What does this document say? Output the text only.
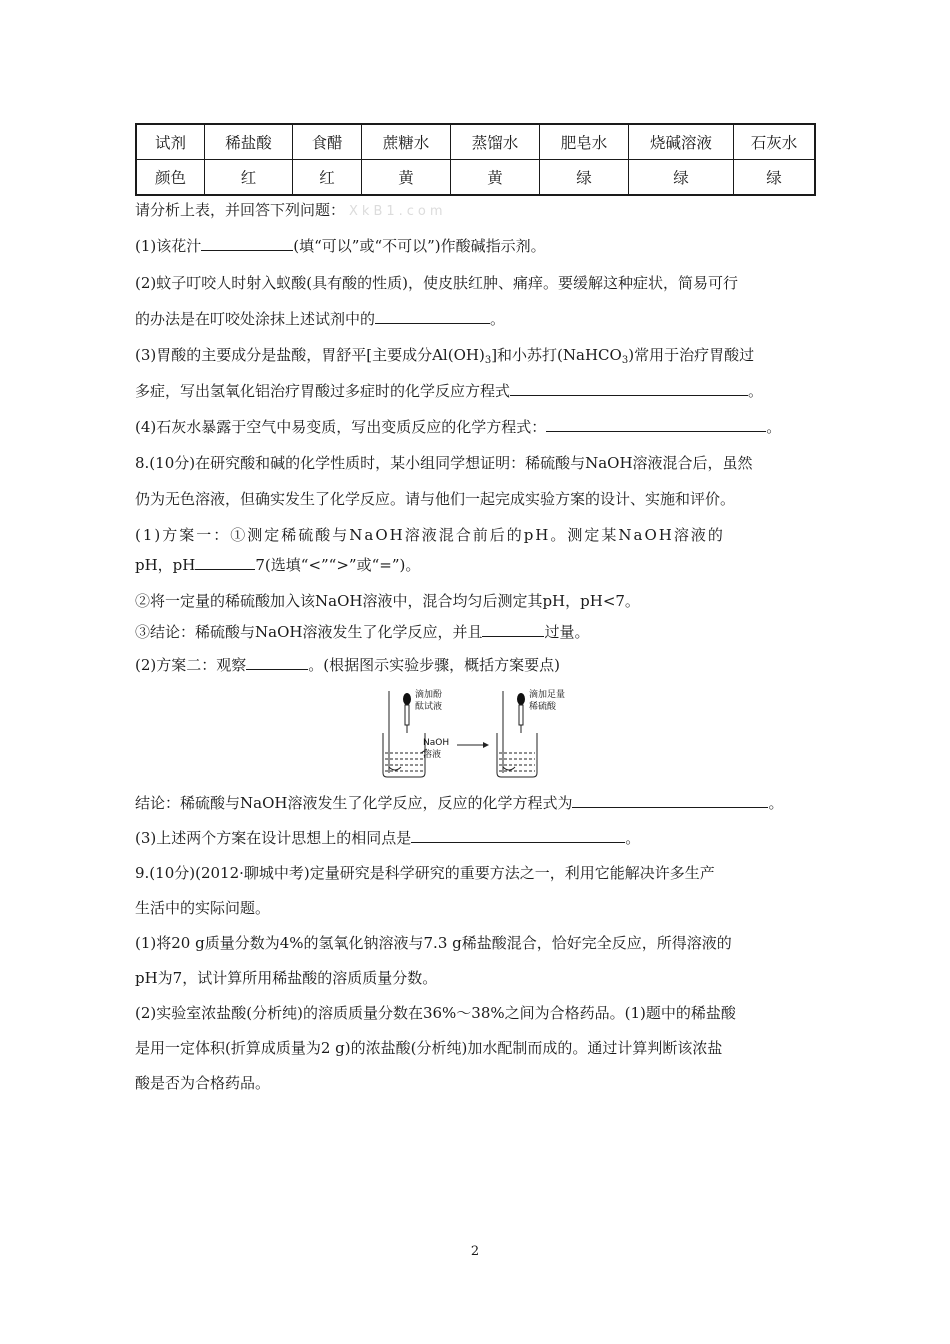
试剂	稀盐酸	食醋	蔗糖水	蒸馏水	肥皂水	烧碱溶液	石灰水
颜色	红	红	黄	黄	绿	绿	绿
请分析上表，并回答下列问题： XkB1.com
(1)该花汁	(填“可以”或“不可以”)作酸碱指示剂。
(2)蚊子叮咬人时射入蚁酸(具有酸的性质)，使皮肤红肿、痛痒。要缓解这种症状，简易可行
的办法是在叮咬处涂抹上述试剂中的	。
(3)胃酸的主要成分是盐酸，胃舒平[主要成分$Al(OH)_3$]和小苏打(NaHCO$_3$)常用于治疗胃酸过
多症，写出氢氧化铝治疗胃酸过多症时的化学反应方程式	。
(4)石灰水暴露于空气中易变质，写出变质反应的化学方程式：	。
8.(10分)在研究酸和碱的化学性质时，某小组同学想证明：稀硫酸与NaOH溶液混合后，虽然
仍为无色溶液，但确实发生了化学反应。请与他们一起完成实验方案的设计、实施和评价。
(1)方案一：①测定稀硫酸与NaOH溶液混合前后的pH。测定某NaOH溶液的
pH，pH	7(选填“<”“>”或“=”)。
②将一定量的稀硫酸加入该NaOH溶液中，混合均匀后测定其pH，pH<7。
③结论：稀硫酸与NaOH溶液发生了化学反应，并且	过量。
(2)方案二：观察	。(根据图示实验步骤，概括方案要点)
滴加酚
酞试液
NaOH
溶液
滴加足量
稀硫酸
结论：稀硫酸与NaOH溶液发生了化学反应，反应的化学方程式为	。
(3)上述两个方案在设计思想上的相同点是	。
9.(10分)(2012·聊城中考)定量研究是科学研究的重要方法之一，利用它能解决许多生产
生活中的实际问题。
(1)将20 g质量分数为4%的氢氧化钠溶液与7.3 g稀盐酸混合，恰好完全反应，所得溶液的
pH为7，试计算所用稀盐酸的溶质质量分数。
(2)实验室浓盐酸(分析纯)的溶质质量分数在36%～38%之间为合格药品。(1)题中的稀盐酸
是用一定体积(折算成质量为2 g)的浓盐酸(分析纯)加水配制而成的。通过计算判断该浓盐
酸是否为合格药品。
2
